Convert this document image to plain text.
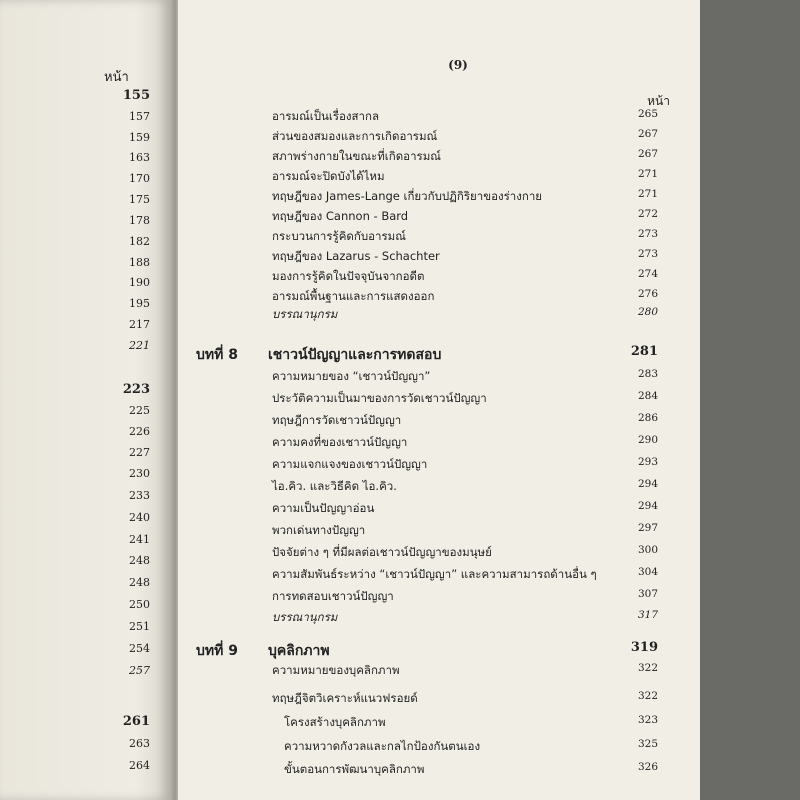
หน้า
155
157
159
163
170
175
178
182
188
190
195
217
221
223
225
226
227
230
233
240
241
248
248
250
251
254
257
261
263
264
(9)
หน้า
อารมณ์เป็นเรื่องสากล	265
ส่วนของสมองและการเกิดอารมณ์	267
สภาพร่างกายในขณะที่เกิดอารมณ์	267
อารมณ์จะปิดบังได้ไหม	271
ทฤษฎีของ James-Lange เกี่ยวกับปฏิกิริยาของร่างกาย	271
ทฤษฎีของ Cannon - Bard	272
กระบวนการรู้คิดกับอารมณ์	273
ทฤษฎีของ Lazarus - Schachter	273
มองการรู้คิดในปัจจุบันจากอดีต	274
อารมณ์พื้นฐานและการแสดงออก	276
บรรณานุกรม	280
บทที่ 8 เชาวน์ปัญญาและการทดสอบ	281
ความหมายของ “เชาวน์ปัญญา”	283
ประวัติความเป็นมาของการวัดเชาวน์ปัญญา	284
ทฤษฎีการวัดเชาวน์ปัญญา	286
ความคงที่ของเชาวน์ปัญญา	290
ความแจกแจงของเชาวน์ปัญญา	293
ไอ.คิว. และวิธีคิด ไอ.คิว.	294
ความเป็นปัญญาอ่อน	294
พวกเด่นทางปัญญา	297
ปัจจัยต่าง ๆ ที่มีผลต่อเชาวน์ปัญญาของมนุษย์	300
ความสัมพันธ์ระหว่าง “เชาวน์ปัญญา” และความสามารถด้านอื่น ๆ	304
การทดสอบเชาวน์ปัญญา	307
บรรณานุกรม	317
บทที่ 9 บุคลิกภาพ	319
ความหมายของบุคลิกภาพ	322
ทฤษฎีจิตวิเคราะห์แนวฟรอยด์	322
โครงสร้างบุคลิกภาพ	323
ความหวาดกังวลและกลไกป้องกันตนเอง	325
ขั้นตอนการพัฒนาบุคลิกภาพ	326
